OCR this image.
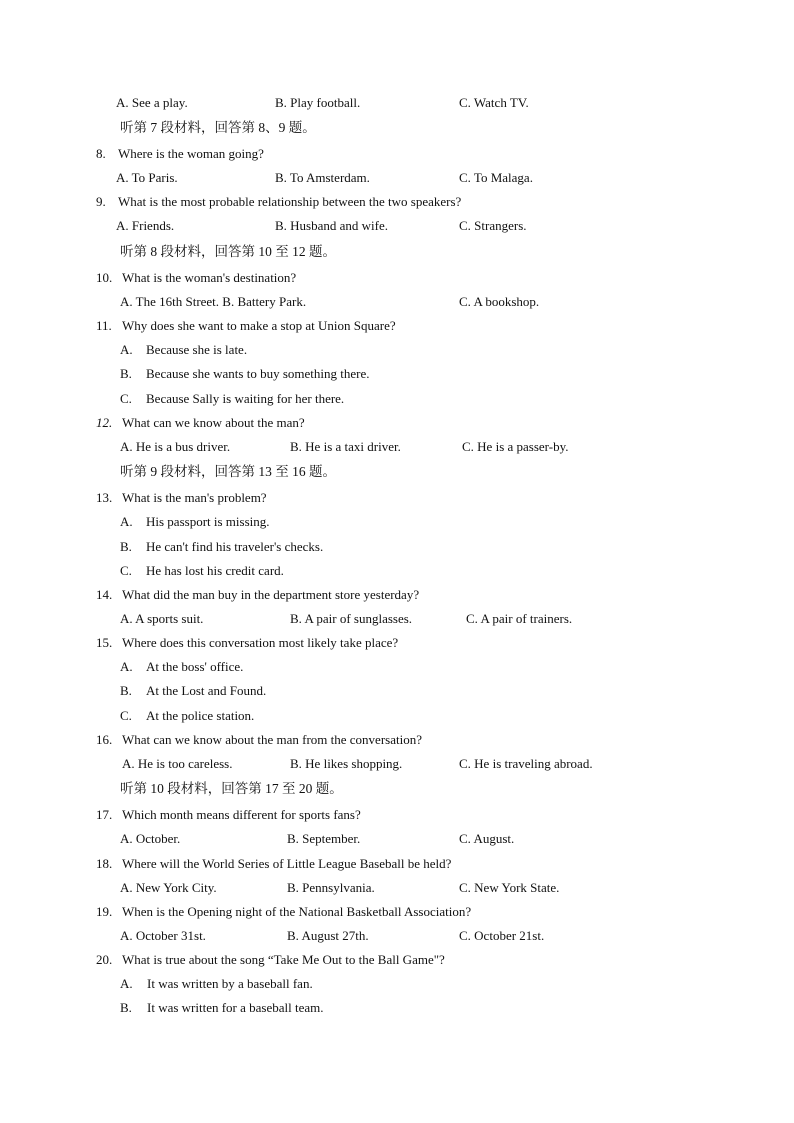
A. See a play.	B. Play football.	C. Watch TV.
听第 7 段材料，回答第 8、9 题。
8. Where is the woman going?
A. To Paris.	B. To Amsterdam.	C. To Malaga.
9. What is the most probable relationship between the two speakers?
A. Friends.	B. Husband and wife.	C. Strangers.
听第 8 段材料，回答第 10 至 12 题。
10. What is the woman's destination?
A. The 16th Street. B. Battery Park.	C. A bookshop.
11. Why does she want to make a stop at Union Square?
A. Because she is late.
B. Because she wants to buy something there.
C. Because Sally is waiting for her there.
12. What can we know about the man?
A. He is a bus driver.	B. He is a taxi driver.	C. He is a passer-by.
听第 9 段材料，回答第 13 至 16 题。
13. What is the man's problem?
A. His passport is missing.
B. He can't find his traveler's checks.
C. He has lost his credit card.
14. What did the man buy in the department store yesterday?
A. A sports suit.	B. A pair of sunglasses.	C. A pair of trainers.
15. Where does this conversation most likely take place?
A. At the boss' office.
B. At the Lost and Found.
C. At the police station.
16. What can we know about the man from the conversation?
A. He is too careless.	B. He likes shopping.	C. He is traveling abroad.
听第 10 段材料，回答第 17 至 20 题。
17. Which month means different for sports fans?
A. October.	B. September.	C. August.
18. Where will the World Series of Little League Baseball be held?
A. New York City.	B. Pennsylvania.	C. New York State.
19. When is the Opening night of the National Basketball Association?
A. October 31st.	B. August 27th.	C. October 21st.
20. What is true about the song “Take Me Out to the Ball Game"?
A. It was written by a baseball fan.
B. It was written for a baseball team.
